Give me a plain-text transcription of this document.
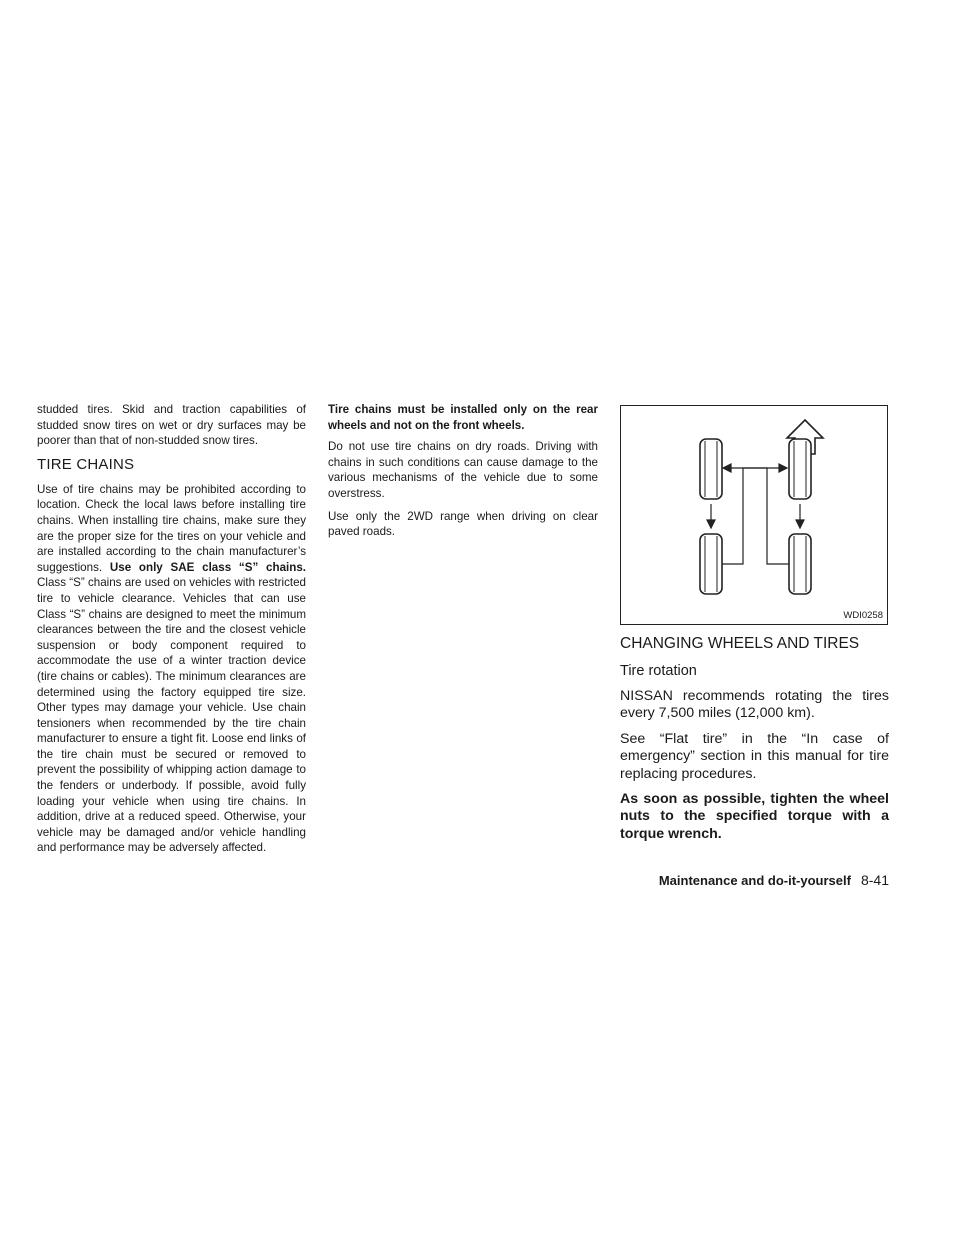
studded tires. Skid and traction capabilities of studded snow tires on wet or dry surfaces may be poorer than that of non-studded snow tires.

TIRE CHAINS

Use of tire chains may be prohibited according to location. Check the local laws before installing tire chains. When installing tire chains, make sure they are the proper size for the tires on your vehicle and are installed according to the chain manufacturer’s suggestions. Use only SAE class “S” chains. Class “S” chains are used on vehicles with restricted tire to vehicle clearance. Vehicles that can use Class “S” chains are designed to meet the minimum clearances between the tire and the closest vehicle suspension or body component required to accommodate the use of a winter traction device (tire chains or cables). The minimum clearances are determined using the factory equipped tire size. Other types may damage your vehicle. Use chain tensioners when recommended by the tire chain manufacturer to ensure a tight fit. Loose end links of the tire chain must be secured or removed to prevent the possibility of whipping action damage to the fenders or underbody. If possible, avoid fully loading your vehicle when using tire chains. In addition, drive at a reduced speed. Otherwise, your vehicle may be damaged and/or vehicle handling and performance may be adversely affected.

Tire chains must be installed only on the rear wheels and not on the front wheels.

Do not use tire chains on dry roads. Driving with chains in such conditions can cause damage to the various mechanisms of the vehicle due to some overstress.

Use only the 2WD range when driving on clear paved roads.

WDI0258
CHANGING WHEELS AND TIRES
Tire rotation

NISSAN recommends rotating the tires every 7,500 miles (12,000 km).

See “Flat tire” in the “In case of emergency” section in this manual for tire replacing procedures.

As soon as possible, tighten the wheel nuts to the specified torque with a torque wrench.

Maintenance and do-it-yourself 8-41
